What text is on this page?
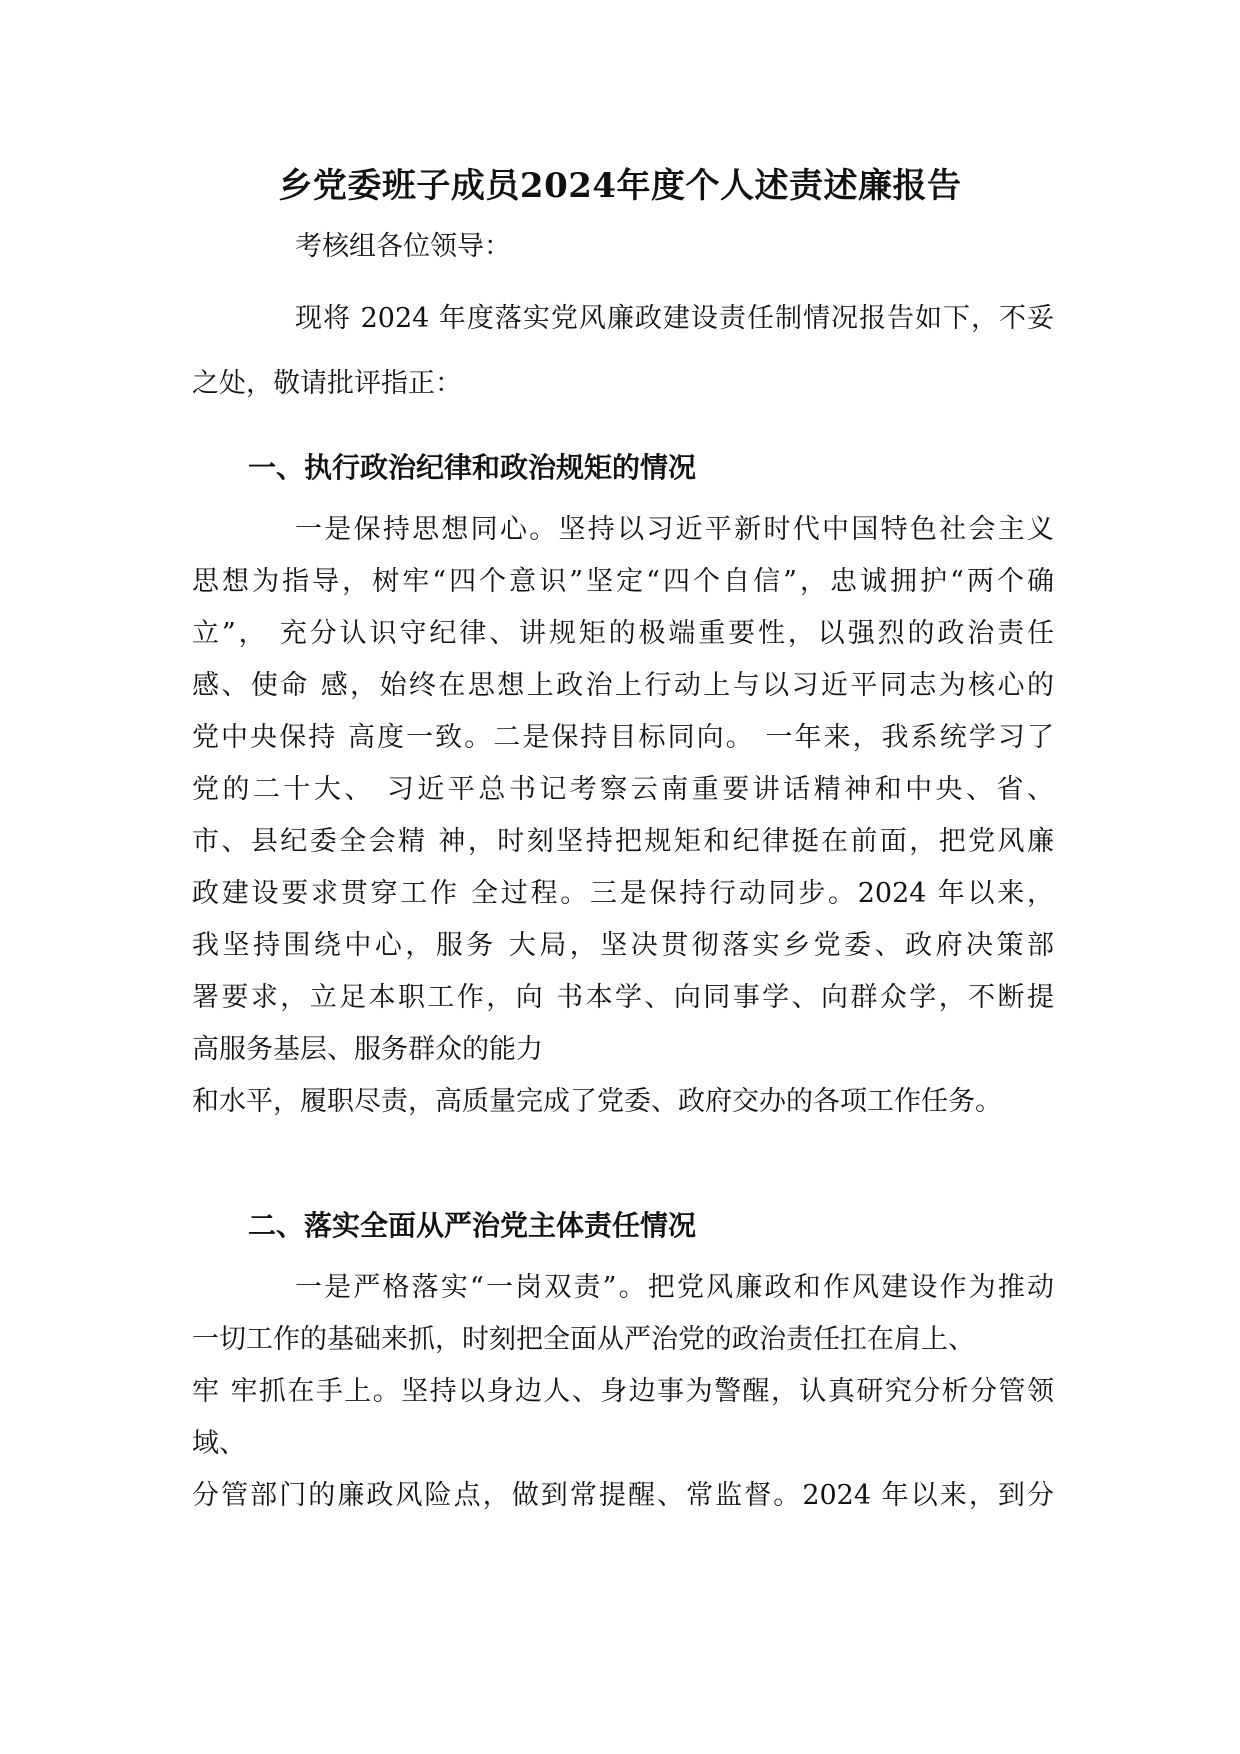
乡党委班子成员2024年度个人述责述廉报告

考核组各位领导：

现将 2024 年度落实党风廉政建设责任制情况报告如下，不妥之处，敬请批评指正：

一、执行政治纪律和政治规矩的情况
一是保持思想同心。坚持以习近平新时代中国特色社会主义
思想为指导，树牢“四个意识”坚定“四个自信”，忠诚拥护“两个确
立”， 充分认识守纪律、讲规矩的极端重要性，以强烈的政治责任
感、使命 感，始终在思想上政治上行动上与以习近平同志为核心的
党中央保持 高度一致。二是保持目标同向。 一年来，我系统学习了
党的二十大、 习近平总书记考察云南重要讲话精神和中央、省、
市、县纪委全会精 神，时刻坚持把规矩和纪律挺在前面，把党风廉
政建设要求贯穿工作 全过程。三是保持行动同步。2024 年以来，
我坚持围绕中心，服务 大局，坚决贯彻落实乡党委、政府决策部
署要求，立足本职工作，向 书本学、向同事学、向群众学，不断提
高服务基层、服务群众的能力
和水平，履职尽责，高质量完成了党委、政府交办的各项工作任务。
二、落实全面从严治党主体责任情况
一是严格落实“一岗双责”。把党风廉政和作风建设作为推动
一切工作的基础来抓，时刻把全面从严治党的政治责任扛在肩上、
牢 牢抓在手上。坚持以身边人、身边事为警醒，认真研究分析分管领
域、
分管部门的廉政风险点，做到常提醒、常监督。2024 年以来，到分
